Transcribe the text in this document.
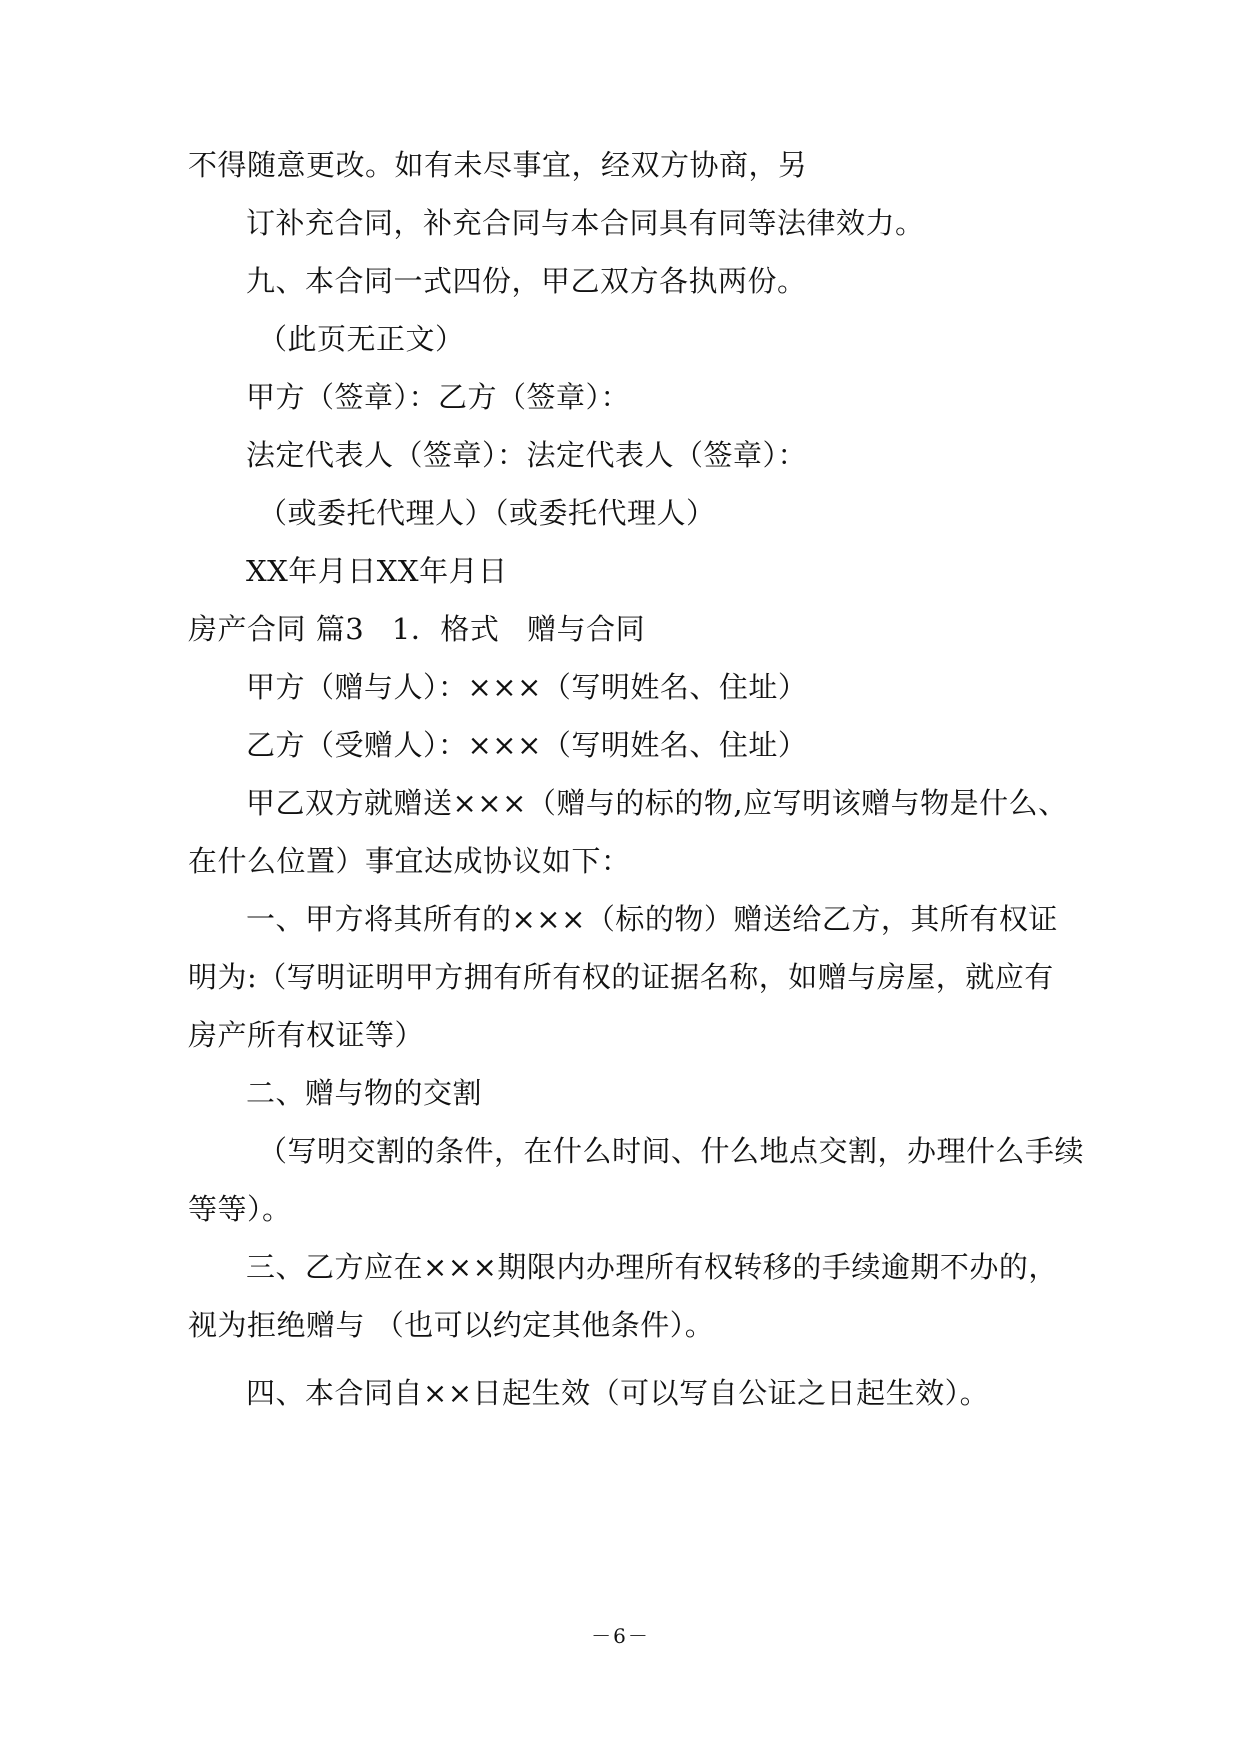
不得随意更改。如有未尽事宜，经双方协商，另

订补充合同，补充合同与本合同具有同等法律效力。

九、本合同一式四份，甲乙双方各执两份。

（此页无正文）

甲方（签章）：乙方（签章）：

法定代表人（签章）：法定代表人（签章）：

（或委托代理人）（或委托代理人）

XX年月日XX年月日

房产合同 篇3 1．格式 赠与合同

甲方（赠与人）：×××（写明姓名、住址）

乙方（受赠人）：×××（写明姓名、住址）

甲乙双方就赠送×××（赠与的标的物,应写明该赠与物是什么、

在什么位置）事宜达成协议如下：

一、甲方将其所有的×××（标的物）赠送给乙方，其所有权证

明为:（写明证明甲方拥有所有权的证据名称，如赠与房屋，就应有

房产所有权证等）

二、赠与物的交割

（写明交割的条件，在什么时间、什么地点交割，办理什么手续

等等）。

三、乙方应在×××期限内办理所有权转移的手续逾期不办的，

视为拒绝赠与 （也可以约定其他条件）。

四、本合同自××日起生效（可以写自公证之日起生效）。

－6－
